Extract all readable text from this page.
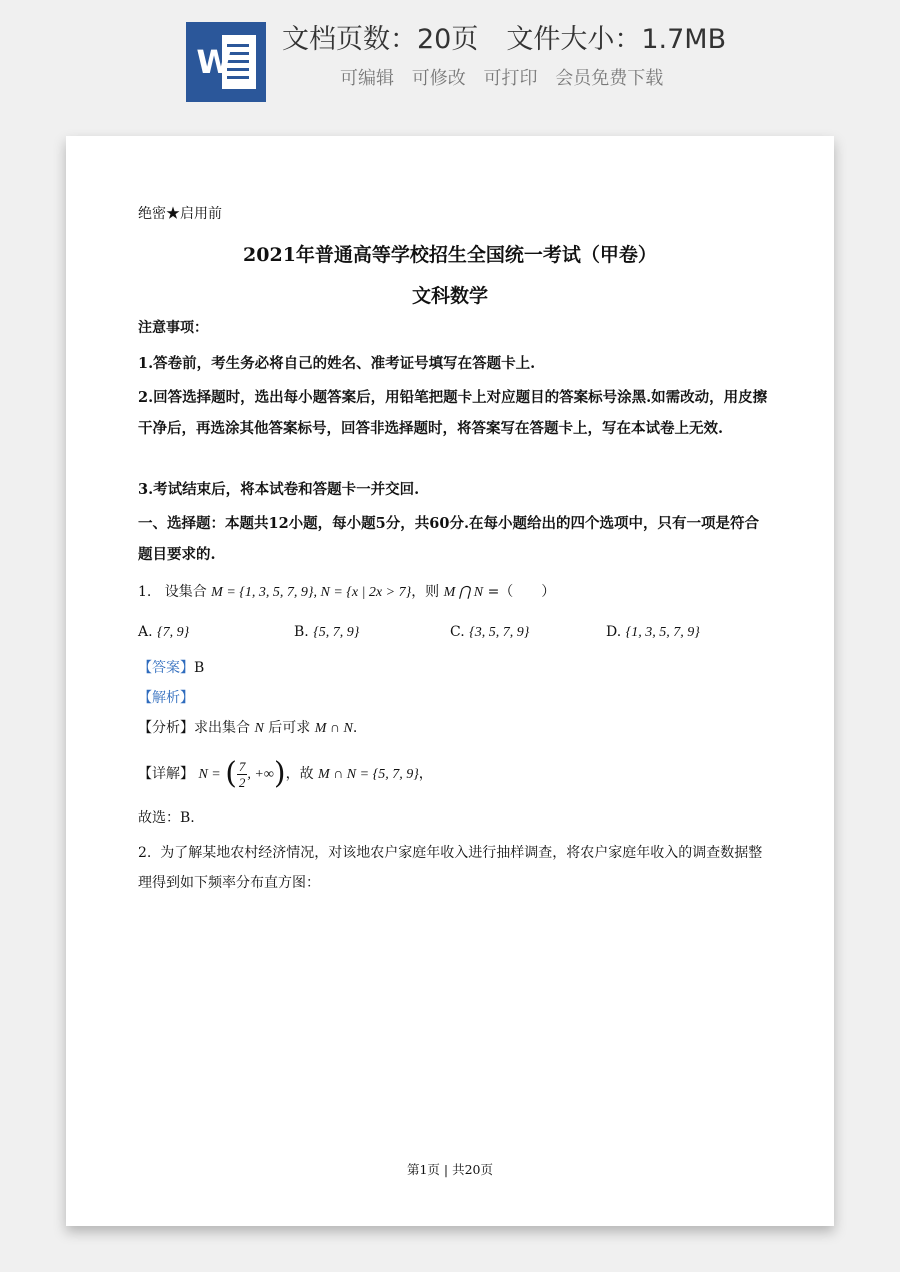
W
文档页数：20页 文件大小：1.7MB
可编辑 可修改 可打印 会员免费下载
绝密★启用前
2021年普通高等学校招生全国统一考试（甲卷）
文科数学
注意事项：
1.答卷前，考生务必将自己的姓名、准考证号填写在答题卡上.
2.回答选择题时，选出每小题答案后，用铅笔把题卡上对应题目的答案标号涂黑.如需改动，用皮擦干净后，再选涂其他答案标号，回答非选择题时，将答案写在答题卡上，写在本试卷上无效.
3.考试结束后，将本试卷和答题卡一并交回.
一、选择题：本题共12小题，每小题5分，共60分.在每小题给出的四个选项中，只有一项是符合题目要求的.
1. 设集合 M = {1, 3, 5, 7, 9}, N = {x | 2x > 7}，则 M ⋂ N =（　　）
A. {7, 9}	B. {5, 7, 9}	C. {3, 5, 7, 9}	D. {1, 3, 5, 7, 9}
【答案】B
【解析】
【分析】求出集合 N 后可求 M ∩ N.
【详解】 N = ( $\frac{7}{2}$ , +∞)，故 M ∩ N = {5, 7, 9}，
故选：B.
2. 为了解某地农村经济情况，对该地农户家庭年收入进行抽样调查，将农户家庭年收入的调查数据整理得到如下频率分布直方图：
第1页 | 共20页
